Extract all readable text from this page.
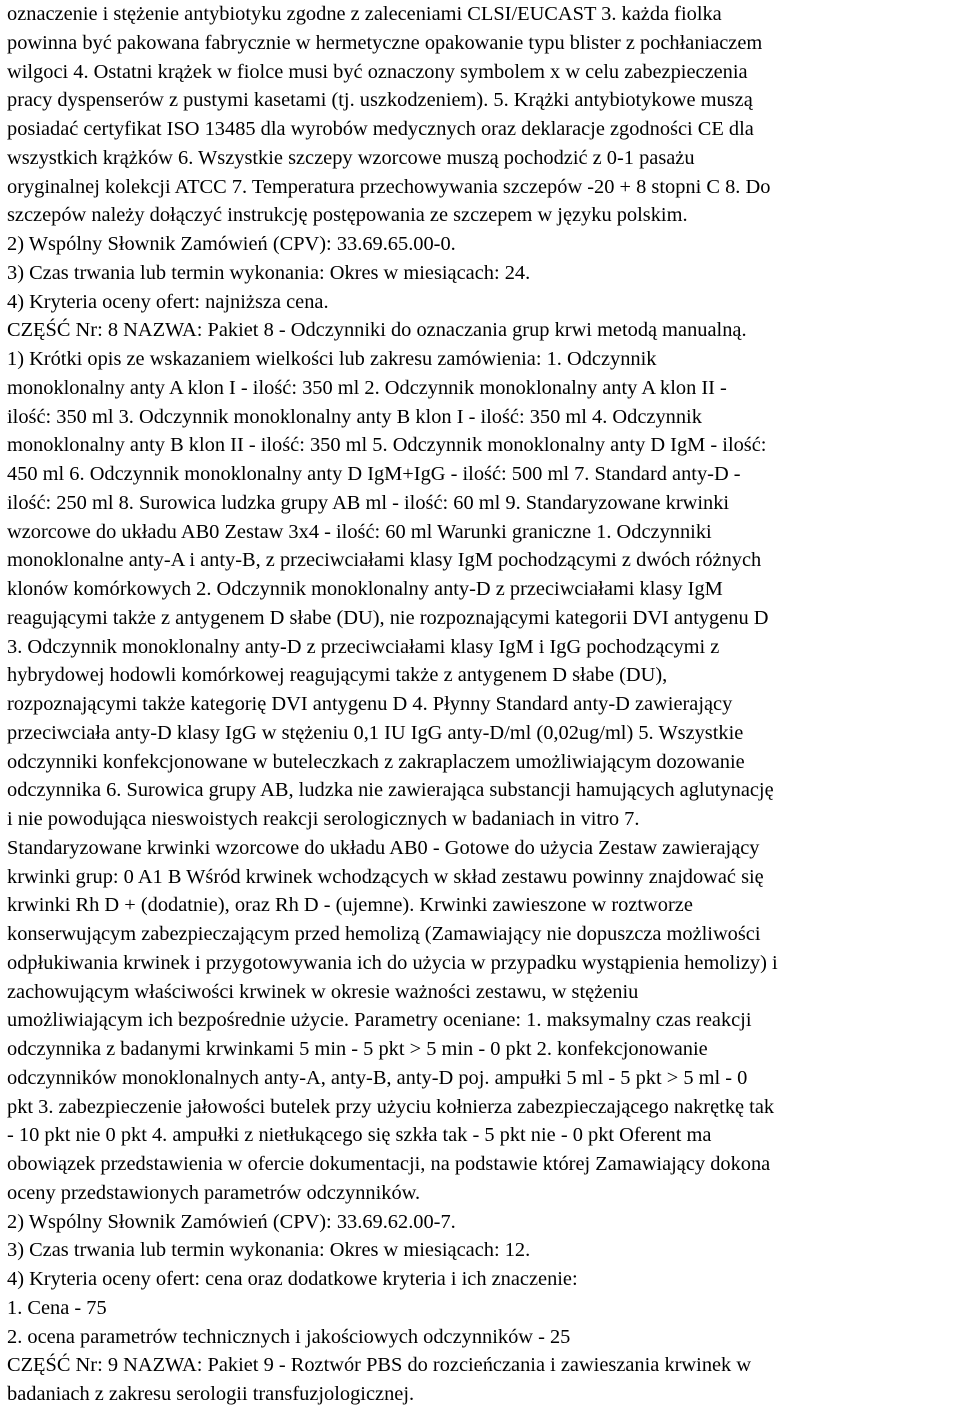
oznaczenie i stężenie antybiotyku zgodne z zaleceniami CLSI/EUCAST 3. każda fiolka
powinna być pakowana fabrycznie w hermetyczne opakowanie typu blister z pochłaniaczem
wilgoci 4. Ostatni krążek w fiolce musi być oznaczony symbolem x w celu zabezpieczenia
pracy dyspenserów z pustymi kasetami (tj. uszkodzeniem). 5. Krążki antybiotykowe muszą
posiadać certyfikat ISO 13485 dla wyrobów medycznych oraz deklaracje zgodności CE dla
wszystkich krążków 6. Wszystkie szczepy wzorcowe muszą pochodzić z 0-1 pasażu
oryginalnej kolekcji ATCC 7. Temperatura przechowywania szczepów -20 + 8 stopni C 8. Do
szczepów należy dołączyć instrukcję postępowania ze szczepem w języku polskim.
2) Wspólny Słownik Zamówień (CPV): 33.69.65.00-0.
3) Czas trwania lub termin wykonania: Okres w miesiącach: 24.
4) Kryteria oceny ofert: najniższa cena.
CZĘŚĆ Nr: 8 NAZWA: Pakiet 8 - Odczynniki do oznaczania grup krwi metodą manualną.
1) Krótki opis ze wskazaniem wielkości lub zakresu zamówienia: 1. Odczynnik
monoklonalny anty A klon I - ilość: 350 ml 2. Odczynnik monoklonalny anty A klon II -
ilość: 350 ml 3. Odczynnik monoklonalny anty B klon I - ilość: 350 ml 4. Odczynnik
monoklonalny anty B klon II - ilość: 350 ml 5. Odczynnik monoklonalny anty D IgM - ilość:
450 ml 6. Odczynnik monoklonalny anty D IgM+IgG - ilość: 500 ml 7. Standard anty-D -
ilość: 250 ml 8. Surowica ludzka grupy AB ml - ilość: 60 ml 9. Standaryzowane krwinki
wzorcowe do układu AB0 Zestaw 3x4 - ilość: 60 ml Warunki graniczne 1. Odczynniki
monoklonalne anty-A i anty-B, z przeciwciałami klasy IgM pochodzącymi z dwóch różnych
klonów komórkowych 2. Odczynnik monoklonalny anty-D z przeciwciałami klasy IgM
reagującymi także z antygenem D słabe (DU), nie rozpoznającymi kategorii DVI antygenu D
3. Odczynnik monoklonalny anty-D z przeciwciałami klasy IgM i IgG pochodzącymi z
hybrydowej hodowli komórkowej reagującymi także z antygenem D słabe (DU),
rozpoznającymi także kategorię DVI antygenu D 4. Płynny Standard anty-D zawierający
przeciwciała anty-D klasy IgG w stężeniu 0,1 IU IgG anty-D/ml (0,02ug/ml) 5. Wszystkie
odczynniki konfekcjonowane w buteleczkach z zakraplaczem umożliwiającym dozowanie
odczynnika 6. Surowica grupy AB, ludzka nie zawierająca substancji hamujących aglutynację
i nie powodująca nieswoistych reakcji serologicznych w badaniach in vitro 7.
Standaryzowane krwinki wzorcowe do układu AB0 - Gotowe do użycia Zestaw zawierający
krwinki grup: 0 A1 B Wśród krwinek wchodzących w skład zestawu powinny znajdować się
krwinki Rh D + (dodatnie), oraz Rh D - (ujemne). Krwinki zawieszone w roztworze
konserwującym zabezpieczającym przed hemolizą (Zamawiający nie dopuszcza możliwości
odpłukiwania krwinek i przygotowywania ich do użycia w przypadku wystąpienia hemolizy) i
zachowującym właściwości krwinek w okresie ważności zestawu, w stężeniu
umożliwiającym ich bezpośrednie użycie. Parametry oceniane: 1. maksymalny czas reakcji
odczynnika z badanymi krwinkami 5 min - 5 pkt > 5 min - 0 pkt 2. konfekcjonowanie
odczynników monoklonalnych anty-A, anty-B, anty-D poj. ampułki 5 ml - 5 pkt > 5 ml - 0
pkt 3. zabezpieczenie jałowości butelek przy użyciu kołnierza zabezpieczającego nakrętkę tak
- 10 pkt nie 0 pkt 4. ampułki z nietłukącego się szkła tak - 5 pkt nie - 0 pkt Oferent ma
obowiązek przedstawienia w ofercie dokumentacji, na podstawie której Zamawiający dokona
oceny przedstawionych parametrów odczynników.
2) Wspólny Słownik Zamówień (CPV): 33.69.62.00-7.
3) Czas trwania lub termin wykonania: Okres w miesiącach: 12.
4) Kryteria oceny ofert: cena oraz dodatkowe kryteria i ich znaczenie:
1. Cena - 75
2. ocena parametrów technicznych i jakościowych odczynników - 25
CZĘŚĆ Nr: 9 NAZWA: Pakiet 9 - Roztwór PBS do rozcieńczania i zawieszania krwinek w
badaniach z zakresu serologii transfuzjologicznej.
